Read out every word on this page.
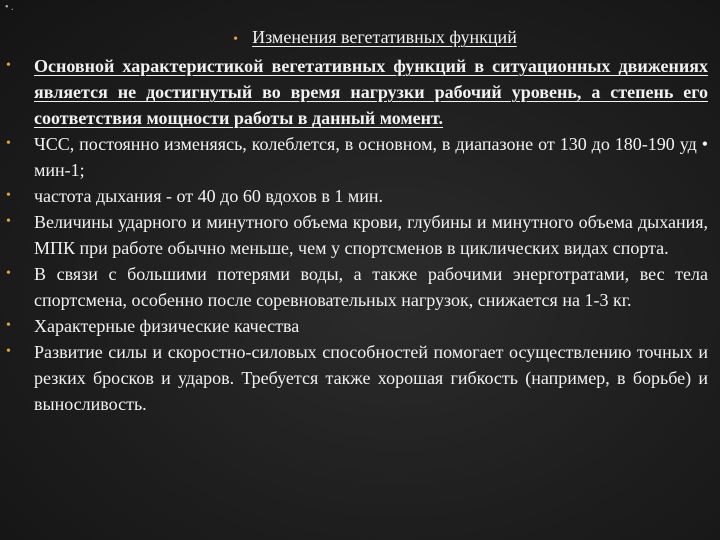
• .
• Изменения вегетативных функций
• Основной характеристикой вегетативных функций в ситуационных движениях является не достигнутый во время нагрузки рабочий уровень, а степень его соответствия мощности работы в данный момент.
• ЧСС, постоянно изменяясь, колеблется, в основном, в диапазоне от 130 до 180-190 уд • мин-1;
• частота дыхания - от 40 до 60 вдохов в 1 мин.
• Величины ударного и минутного объема крови, глубины и минутного объема дыхания, МПК при работе обычно меньше, чем у спортсменов в циклических видах спорта.
• В связи с большими потерями воды, а также рабочими энерготратами, вес тела спортсмена, особенно после соревновательных нагрузок, снижается на 1-3 кг.
• Характерные физические качества
• Развитие силы и скоростно-силовых способностей помогает осуществлению точных и резких бросков и ударов. Требуется также хорошая гибкость (например, в борьбе) и выносливость.
